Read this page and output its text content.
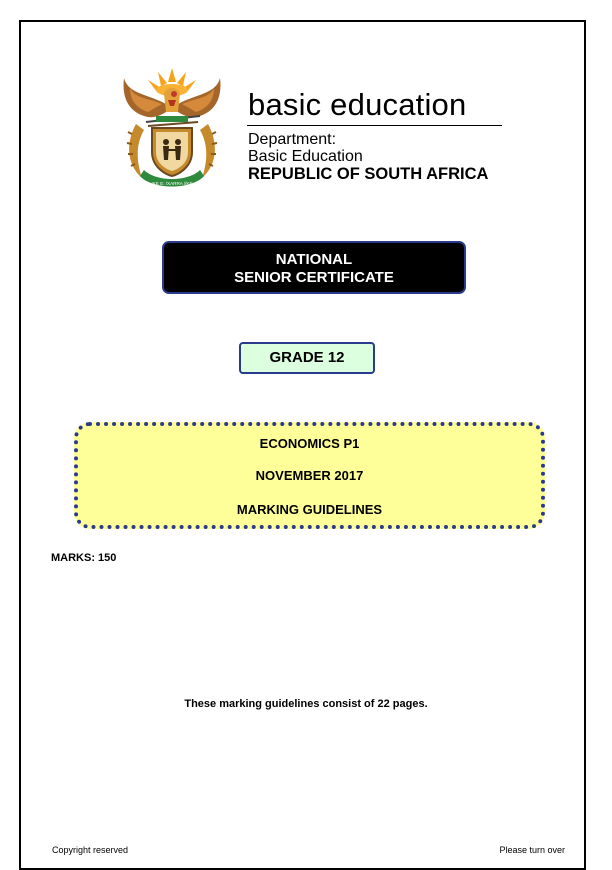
!KE E: /XARRA //KE
basic education
Department:
Basic Education
REPUBLIC OF SOUTH AFRICA
NATIONAL
SENIOR CERTIFICATE
GRADE 12
ECONOMICS P1
NOVEMBER 2017
MARKING GUIDELINES
MARKS: 150
These marking guidelines consist of 22 pages.
Copyright reserved	Please turn over
